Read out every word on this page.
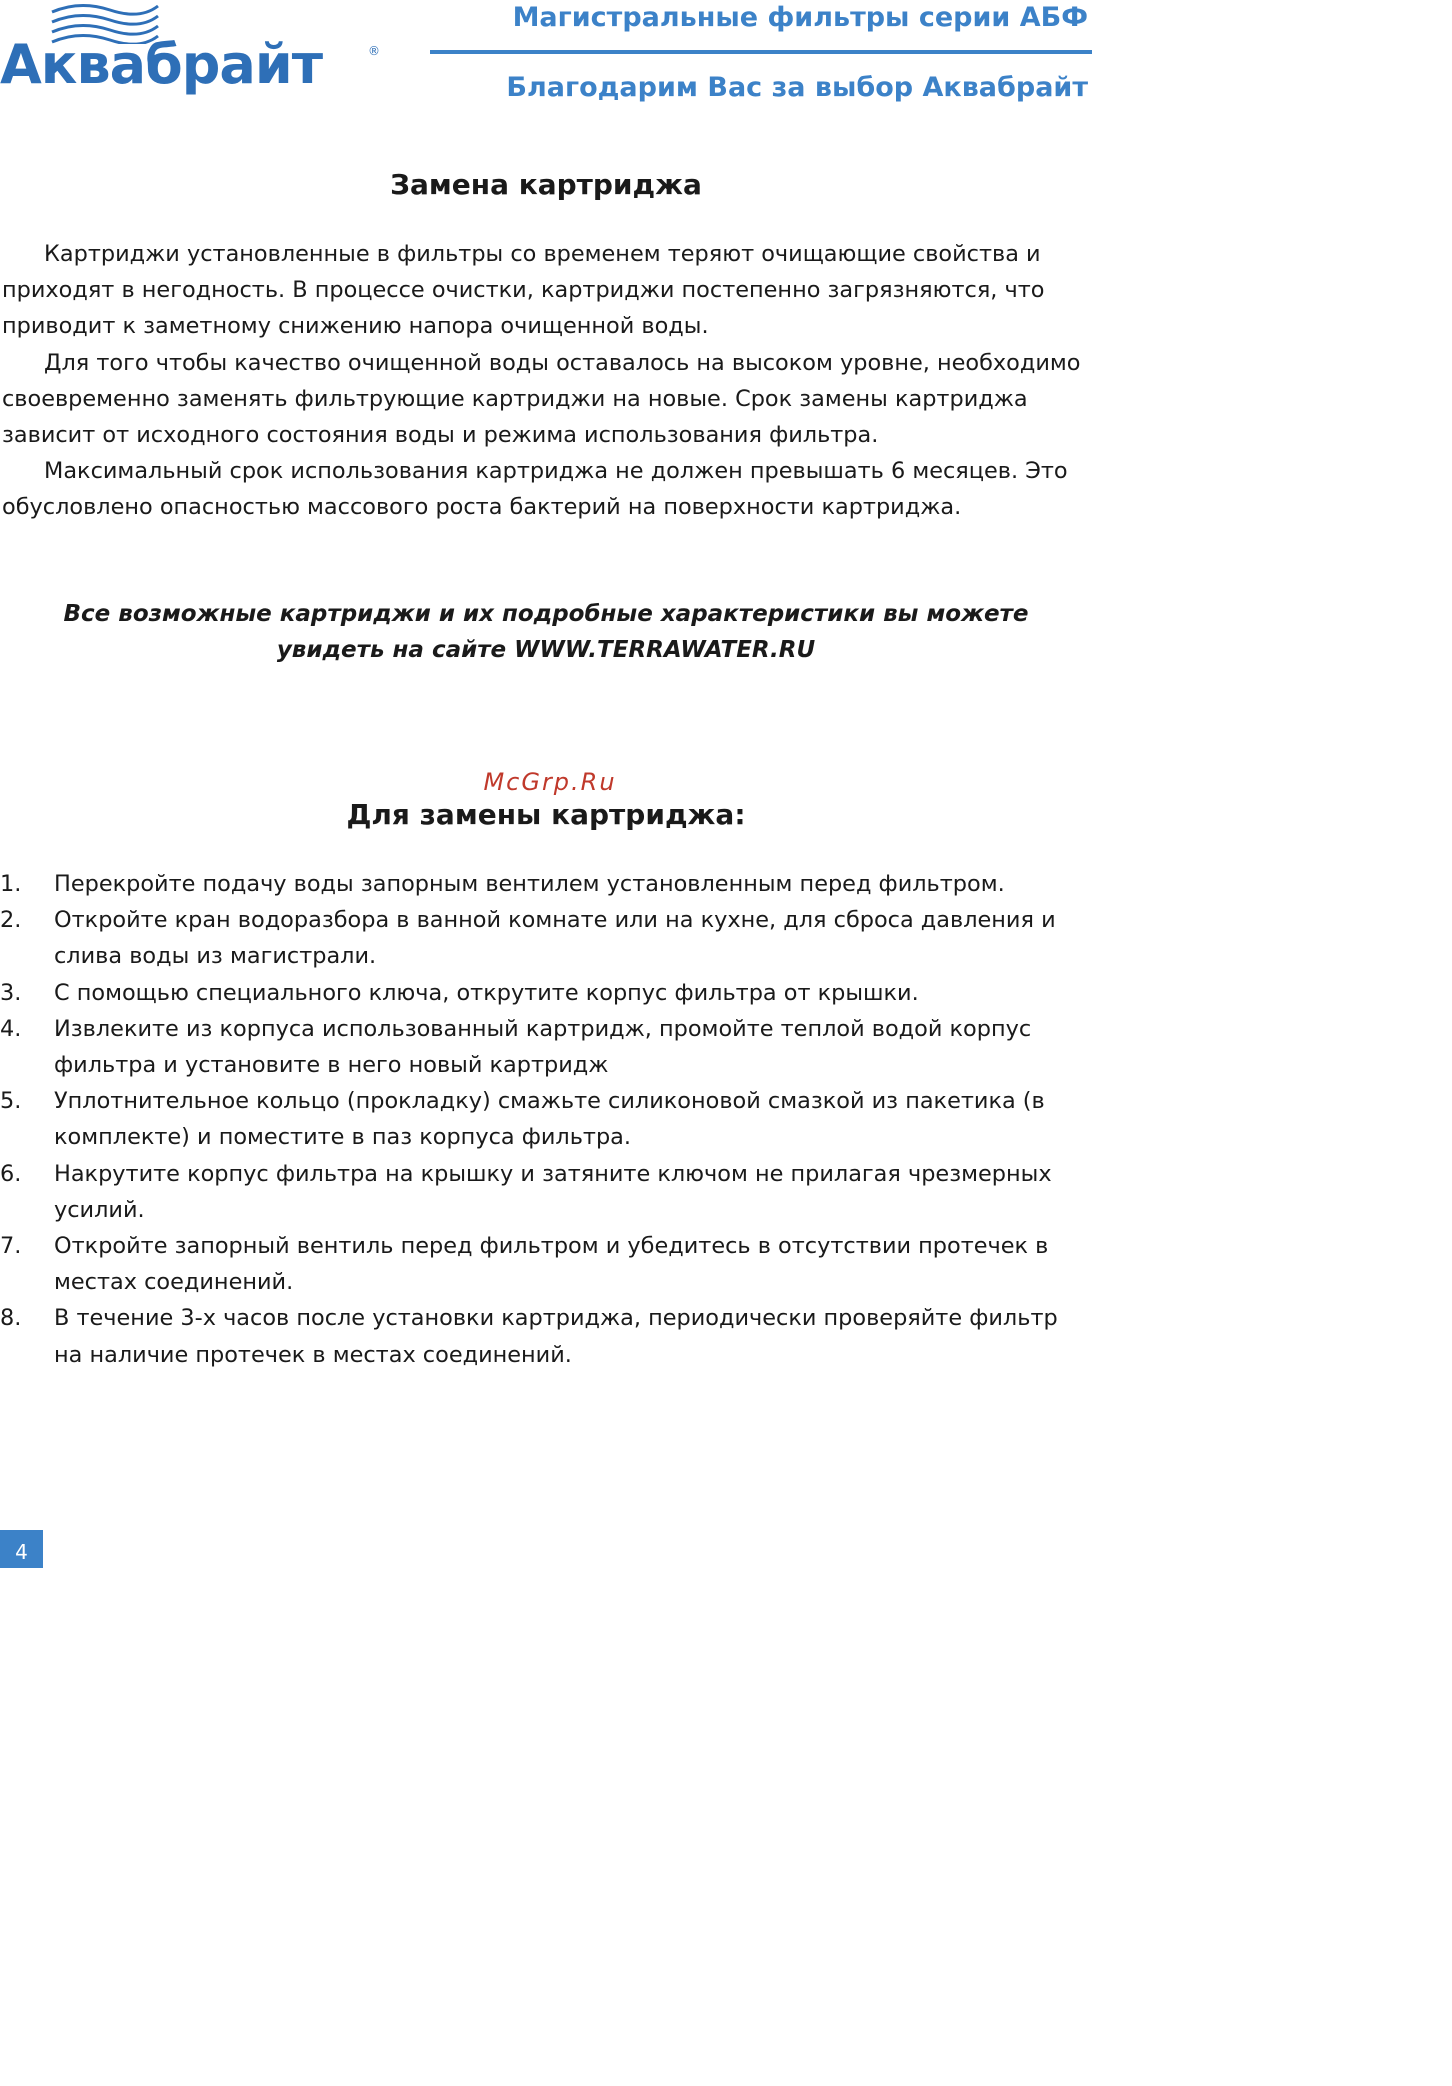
Аквабрайт	®
Магистральные фильтры серии АБФ
Благодарим Вас за выбор Аквабрайт
Замена картриджа

Картриджи установленные в фильтры со временем теряют очищающие свойства и приходят в негодность. В процессе очистки, картриджи постепенно загрязняются, что приводит к заметному снижению напора очищенной воды.

Для того чтобы качество очищенной воды оставалось на высоком уровне, необходимо своевременно заменять фильтрующие картриджи на новые. Срок замены картриджа зависит от исходного состояния воды и режима использования фильтра.

Максимальный срок использования картриджа не должен превышать 6 месяцев. Это обусловлено опасностью массового роста бактерий на поверхности картриджа.

Все возможные картриджи и их подробные характеристики вы можете
увидеть на сайте WWW.TERRAWATER.RU
McGrp.Ru
Для замены картриджа:
1. Перекройте подачу воды запорным вентилем установленным перед фильтром.
2. Откройте кран водоразбора в ванной комнате или на кухне, для сброса давления и слива воды из магистрали.
3. С помощью специального ключа, открутите корпус фильтра от крышки.
4. Извлеките из корпуса использованный картридж, промойте теплой водой корпус фильтра и установите в него новый картридж
5. Уплотнительное кольцо (прокладку) смажьте силиконовой смазкой из пакетика (в комплекте) и поместите в паз корпуса фильтра.
6. Накрутите корпус фильтра на крышку и затяните ключом не прилагая чрезмерных усилий.
7. Откройте запорный вентиль перед фильтром и убедитесь в отсутствии протечек в местах соединений.
8. В течение 3-х часов после установки картриджа, периодически проверяйте фильтр на наличие протечек в местах соединений.
4
